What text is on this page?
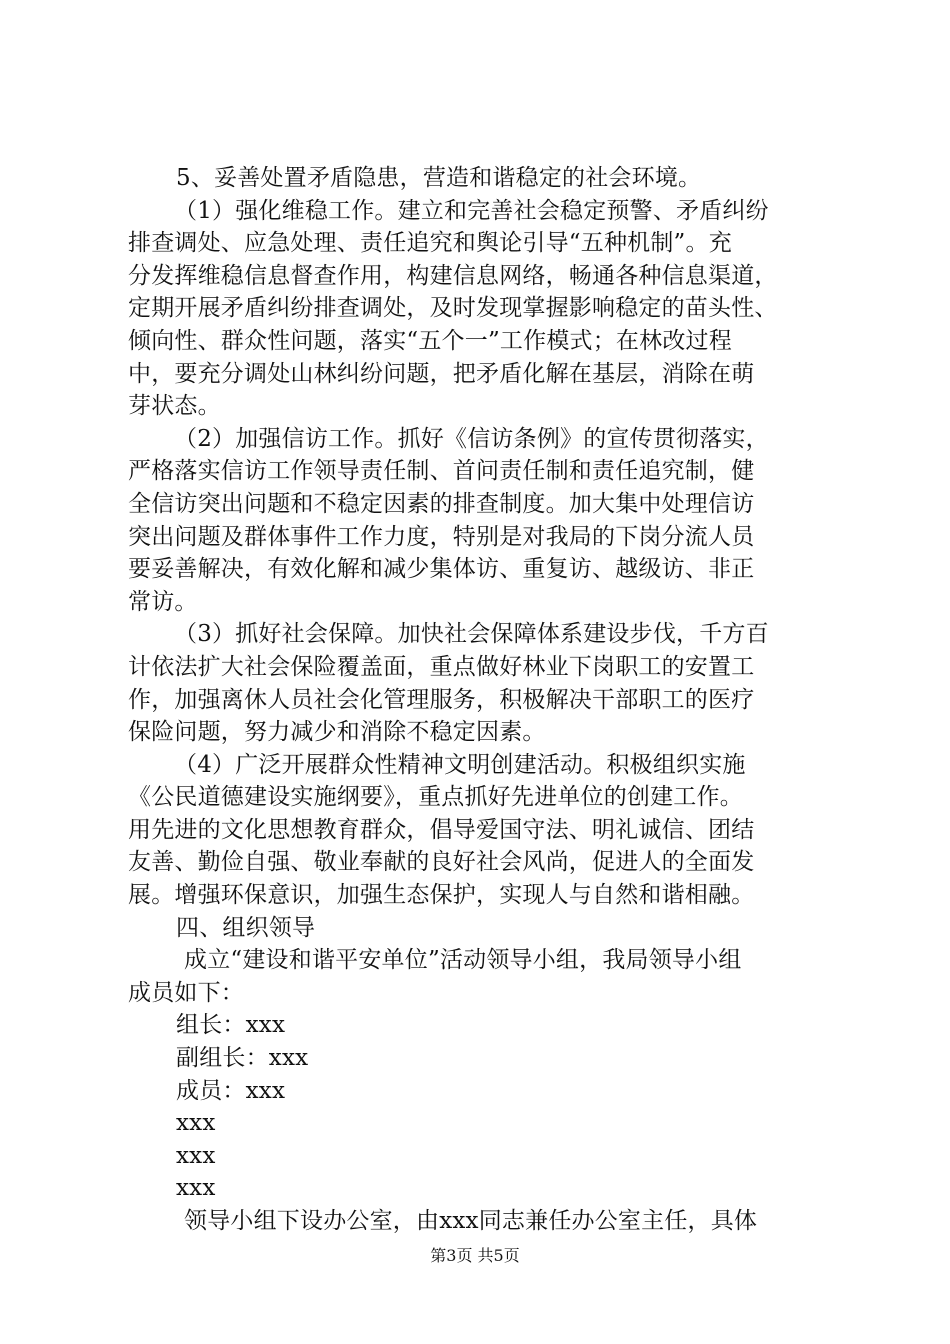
5、妥善处置矛盾隐患，营造和谐稳定的社会环境。
（1）强化维稳工作。建立和完善社会稳定预警、矛盾纠纷
排查调处、应急处理、责任追究和舆论引导“五种机制”。充
分发挥维稳信息督查作用，构建信息网络，畅通各种信息渠道，
定期开展矛盾纠纷排查调处，及时发现掌握影响稳定的苗头性、
倾向性、群众性问题，落实“五个一”工作模式；在林改过程
中，要充分调处山林纠纷问题，把矛盾化解在基层，消除在萌
芽状态。
（2）加强信访工作。抓好《信访条例》的宣传贯彻落实，
严格落实信访工作领导责任制、首问责任制和责任追究制，健
全信访突出问题和不稳定因素的排查制度。加大集中处理信访
突出问题及群体事件工作力度，特别是对我局的下岗分流人员
要妥善解决，有效化解和减少集体访、重复访、越级访、非正
常访。
（3）抓好社会保障。加快社会保障体系建设步伐，千方百
计依法扩大社会保险覆盖面，重点做好林业下岗职工的安置工
作，加强离休人员社会化管理服务，积极解决干部职工的医疗
保险问题，努力减少和消除不稳定因素。
（4）广泛开展群众性精神文明创建活动。积极组织实施
《公民道德建设实施纲要》，重点抓好先进单位的创建工作。
用先进的文化思想教育群众，倡导爱国守法、明礼诚信、团结
友善、勤俭自强、敬业奉献的良好社会风尚，促进人的全面发
展。增强环保意识，加强生态保护，实现人与自然和谐相融。
四、组织领导
成立“建设和谐平安单位”活动领导小组，我局领导小组
成员如下：
组长：xxx
副组长：xxx
成员：xxx
xxx
xxx
xxx
领导小组下设办公室，由xxx同志兼任办公室主任，具体
第3页 共5页
